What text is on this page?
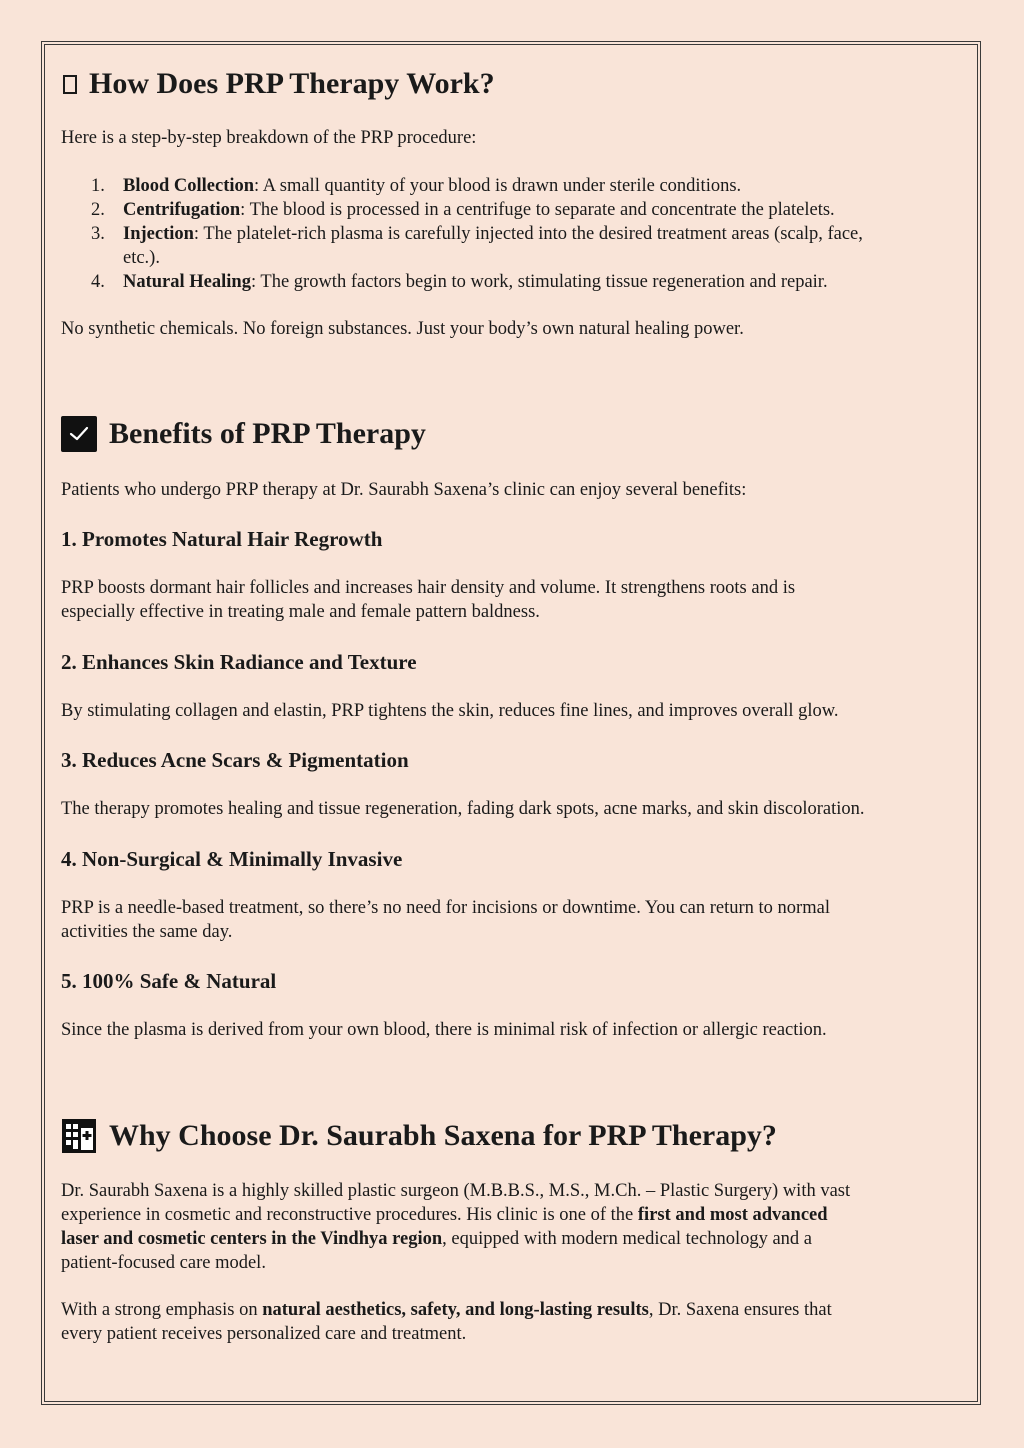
How Does PRP Therapy Work?

Here is a step-by-step breakdown of the PRP procedure:

1. Blood Collection: A small quantity of your blood is drawn under sterile conditions.
2. Centrifugation: The blood is processed in a centrifuge to separate and concentrate the platelets.
3. Injection: The platelet-rich plasma is carefully injected into the desired treatment areas (scalp, face,
etc.).
4. Natural Healing: The growth factors begin to work, stimulating tissue regeneration and repair.

No synthetic chemicals. No foreign substances. Just your body’s own natural healing power.

Benefits of PRP Therapy

Patients who undergo PRP therapy at Dr. Saurabh Saxena’s clinic can enjoy several benefits:

1. Promotes Natural Hair Regrowth

PRP boosts dormant hair follicles and increases hair density and volume. It strengthens roots and is

especially effective in treating male and female pattern baldness.

2. Enhances Skin Radiance and Texture

By stimulating collagen and elastin, PRP tightens the skin, reduces fine lines, and improves overall glow.

3. Reduces Acne Scars & Pigmentation

The therapy promotes healing and tissue regeneration, fading dark spots, acne marks, and skin discoloration.

4. Non-Surgical & Minimally Invasive

PRP is a needle-based treatment, so there’s no need for incisions or downtime. You can return to normal

activities the same day.

5. 100% Safe & Natural

Since the plasma is derived from your own blood, there is minimal risk of infection or allergic reaction.

Why Choose Dr. Saurabh Saxena for PRP Therapy?

Dr. Saurabh Saxena is a highly skilled plastic surgeon (M.B.B.S., M.S., M.Ch. – Plastic Surgery) with vast

experience in cosmetic and reconstructive procedures. His clinic is one of the first and most advanced

laser and cosmetic centers in the Vindhya region, equipped with modern medical technology and a

patient-focused care model.

With a strong emphasis on natural aesthetics, safety, and long-lasting results, Dr. Saxena ensures that

every patient receives personalized care and treatment.
